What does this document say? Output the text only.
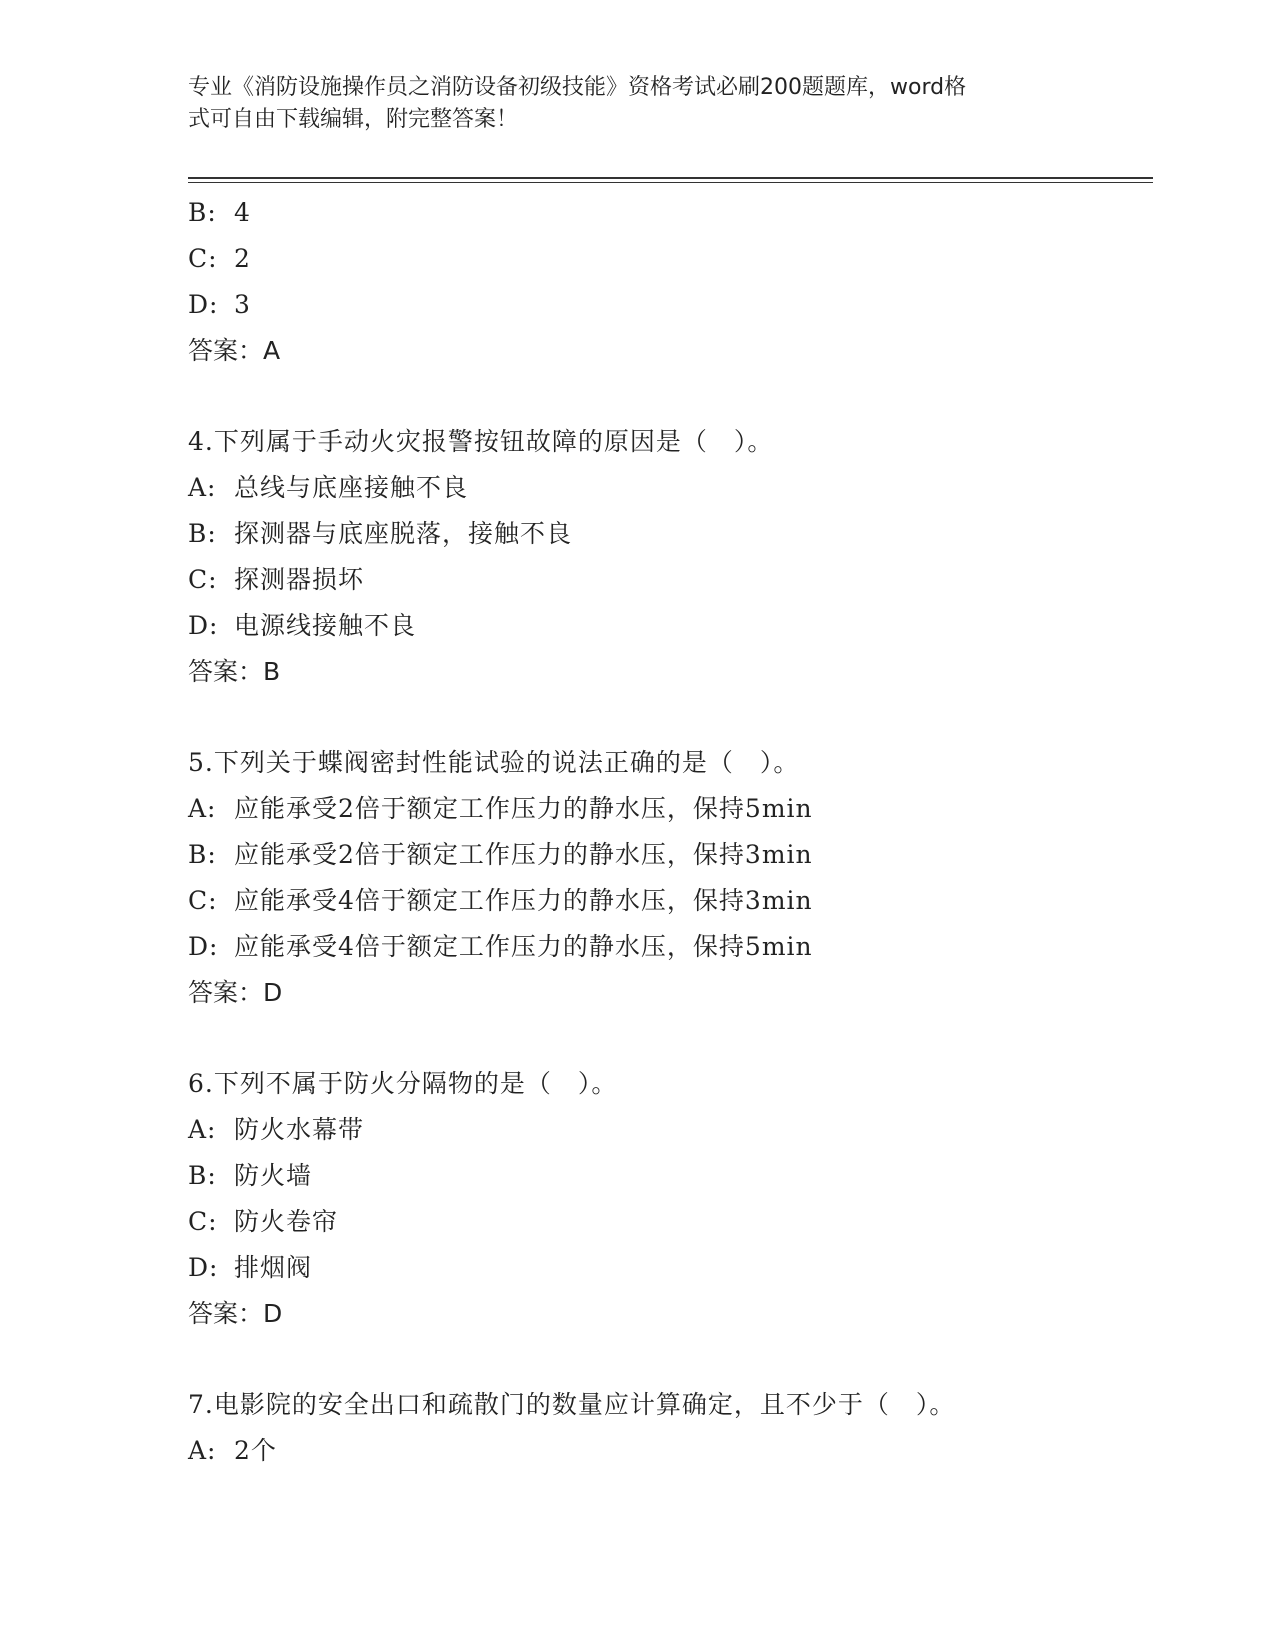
专业《消防设施操作员之消防设备初级技能》资格考试必刷200题题库，word格
式可自由下载编辑，附完整答案！
B: 4
C: 2
D: 3
答案：A
4.下列属于手动火灾报警按钮故障的原因是（　）。
A: 总线与底座接触不良
B: 探测器与底座脱落，接触不良
C: 探测器损坏
D: 电源线接触不良
答案：B
5.下列关于蝶阀密封性能试验的说法正确的是（　）。
A: 应能承受2倍于额定工作压力的静水压，保持5min
B: 应能承受2倍于额定工作压力的静水压，保持3min
C: 应能承受4倍于额定工作压力的静水压，保持3min
D: 应能承受4倍于额定工作压力的静水压，保持5min
答案：D
6.下列不属于防火分隔物的是（　）。
A: 防火水幕带
B: 防火墙
C: 防火卷帘
D: 排烟阀
答案：D
7.电影院的安全出口和疏散门的数量应计算确定，且不少于（　）。
A: 2个
